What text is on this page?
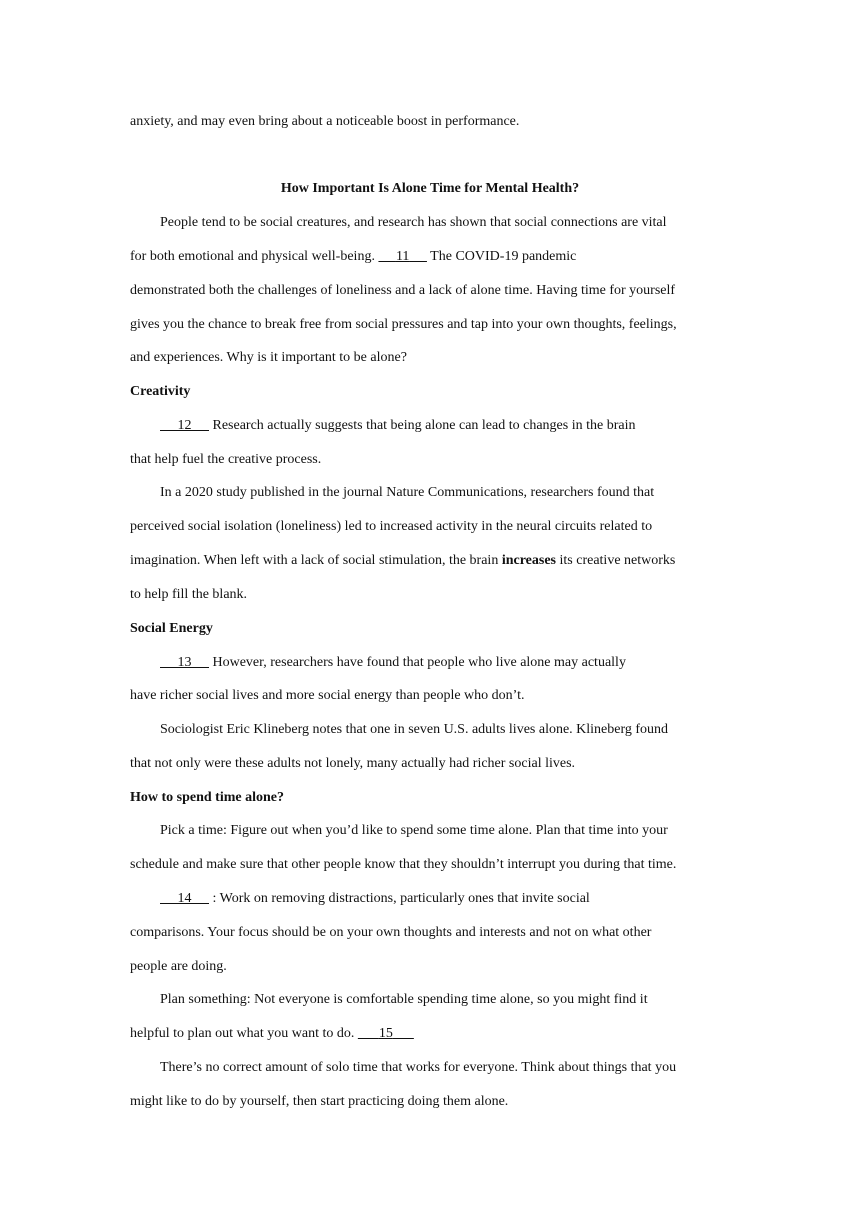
anxiety, and may even bring about a noticeable boost in performance.
How Important Is Alone Time for Mental Health?
People tend to be social creatures, and research has shown that social connections are vital
for both emotional and physical well-being.      11      The COVID-19 pandemic
demonstrated both the challenges of loneliness and a lack of alone time. Having time for yourself
gives you the chance to break free from social pressures and tap into your own thoughts, feelings,
and experiences. Why is it important to be alone?
Creativity
12      Research actually suggests that being alone can lead to changes in the brain
that help fuel the creative process.
In a 2020 study published in the journal Nature Communications, researchers found that
perceived social isolation (loneliness) led to increased activity in the neural circuits related to
imagination. When left with a lack of social stimulation, the brain increases its creative networks
to help fill the blank.
Social Energy
13      However, researchers have found that people who live alone may actually
have richer social lives and more social energy than people who don’t.
Sociologist Eric Klineberg notes that one in seven U.S. adults lives alone. Klineberg found
that not only were these adults not lonely, many actually had richer social lives.
How to spend time alone?
Pick a time: Figure out when you’d like to spend some time alone. Plan that time into your
schedule and make sure that other people know that they shouldn’t interrupt you during that time.
14      : Work on removing distractions, particularly ones that invite social
comparisons. Your focus should be on your own thoughts and interests and not on what other
people are doing.
Plan something: Not everyone is comfortable spending time alone, so you might find it
helpful to plan out what you want to do.       15
There’s no correct amount of solo time that works for everyone. Think about things that you
might like to do by yourself, then start practicing doing them alone.
